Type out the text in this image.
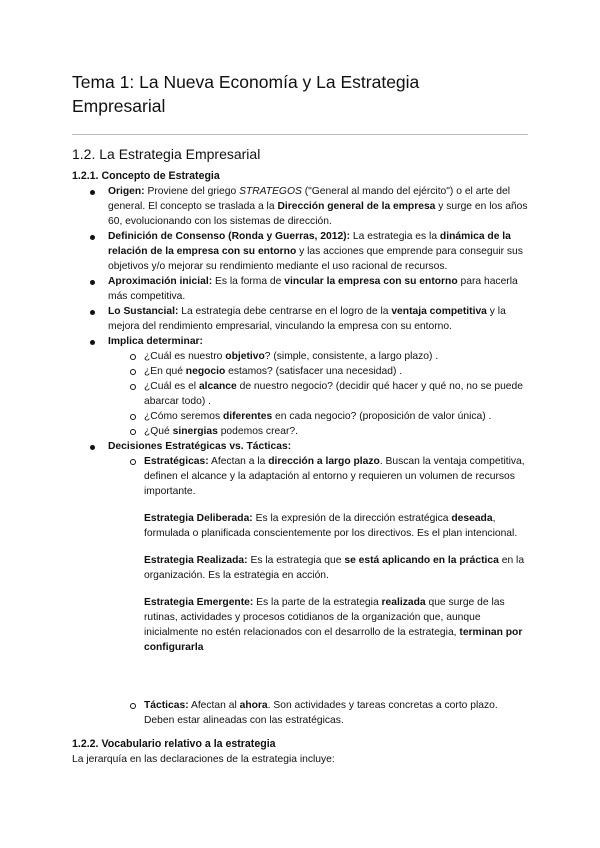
Tema 1: La Nueva Economía y La Estrategia
Empresarial
1.2. La Estrategia Empresarial
1.2.1. Concepto de Estrategia
Origen: Proviene del griego STRATEGOS ("General al mando del ejército") o el arte del general. El concepto se traslada a la Dirección general de la empresa y surge en los años 60, evolucionando con los sistemas de dirección.
Definición de Consenso (Ronda y Guerras, 2012): La estrategia es la dinámica de la relación de la empresa con su entorno y las acciones que emprende para conseguir sus objetivos y/o mejorar su rendimiento mediante el uso racional de recursos.
Aproximación inicial: Es la forma de vincular la empresa con su entorno para hacerla más competitiva.
Lo Sustancial: La estrategia debe centrarse en el logro de la ventaja competitiva y la mejora del rendimiento empresarial, vinculando la empresa con su entorno.
Implica determinar:
¿Cuál es nuestro objetivo? (simple, consistente, a largo plazo) .
¿En qué negocio estamos? (satisfacer una necesidad) .
¿Cuál es el alcance de nuestro negocio? (decidir qué hacer y qué no, no se puede abarcar todo) .
¿Cómo seremos diferentes en cada negocio? (proposición de valor única) .
¿Qué sinergias podemos crear?.
Decisiones Estratégicas vs. Tácticas:
Estratégicas: Afectan a la dirección a largo plazo. Buscan la ventaja competitiva, definen el alcance y la adaptación al entorno y requieren un volumen de recursos importante.
Estrategia Deliberada: Es la expresión de la dirección estratégica deseada, formulada o planificada conscientemente por los directivos. Es el plan intencional.
Estrategia Realizada: Es la estrategia que se está aplicando en la práctica en la organización. Es la estrategia en acción.
Estrategia Emergente: Es la parte de la estrategia realizada que surge de las rutinas, actividades y procesos cotidianos de la organización que, aunque inicialmente no estén relacionados con el desarrollo de la estrategia, terminan por configurarla
Tácticas: Afectan al ahora. Son actividades y tareas concretas a corto plazo. Deben estar alineadas con las estratégicas.
1.2.2. Vocabulario relativo a la estrategia
La jerarquía en las declaraciones de la estrategia incluye:
